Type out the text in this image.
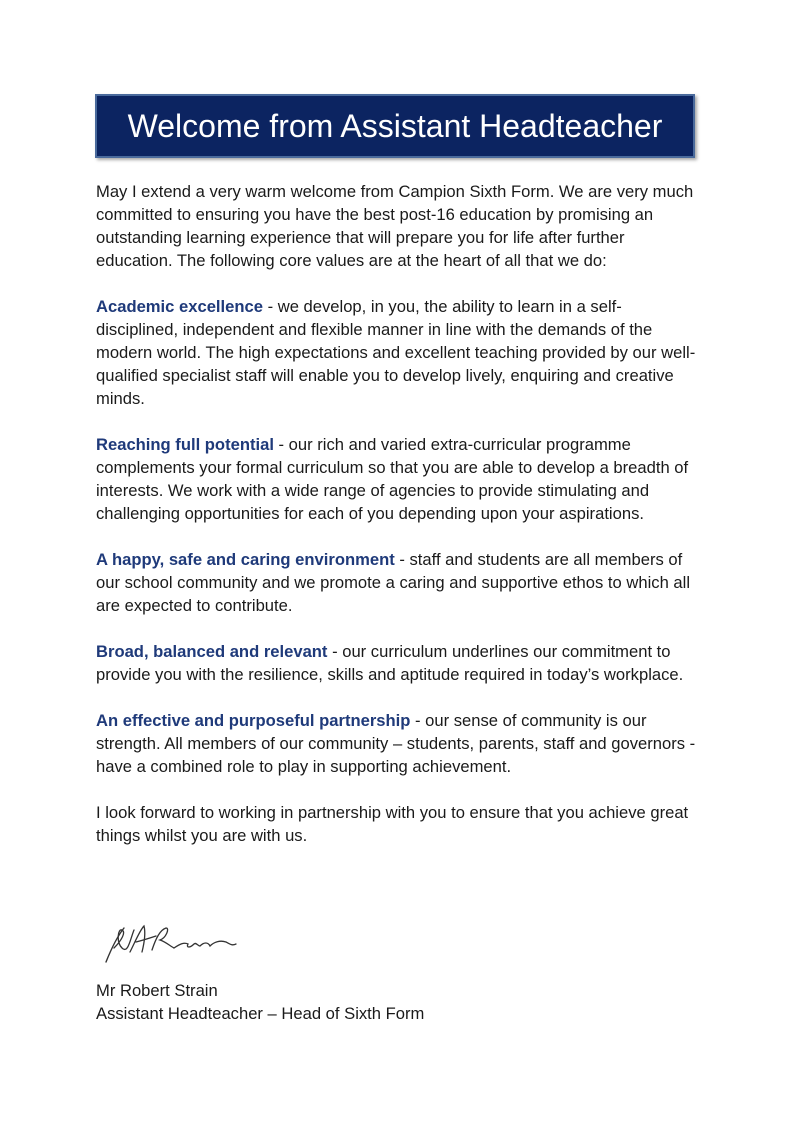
Welcome from Assistant Headteacher

May I extend a very warm welcome from Campion Sixth Form. We are very much committed to ensuring you have the best post-16 education by promising an outstanding learning experience that will prepare you for life after further education. The following core values are at the heart of all that we do:

Academic excellence - we develop, in you, the ability to learn in a self-disciplined, independent and flexible manner in line with the demands of the modern world. The high expectations and excellent teaching provided by our well-qualified specialist staff will enable you to develop lively, enquiring and creative minds.

Reaching full potential - our rich and varied extra-curricular programme complements your formal curriculum so that you are able to develop a breadth of interests. We work with a wide range of agencies to provide stimulating and challenging opportunities for each of you depending upon your aspirations.

A happy, safe and caring environment - staff and students are all members of our school community and we promote a caring and supportive ethos to which all are expected to contribute.

Broad, balanced and relevant - our curriculum underlines our commitment to provide you with the resilience, skills and aptitude required in today’s workplace.

An effective and purposeful partnership - our sense of community is our strength. All members of our community – students, parents, staff and governors - have a combined role to play in supporting achievement.

I look forward to working in partnership with you to ensure that you achieve great things whilst you are with us.

Mr Robert Strain
Assistant Headteacher – Head of Sixth Form
